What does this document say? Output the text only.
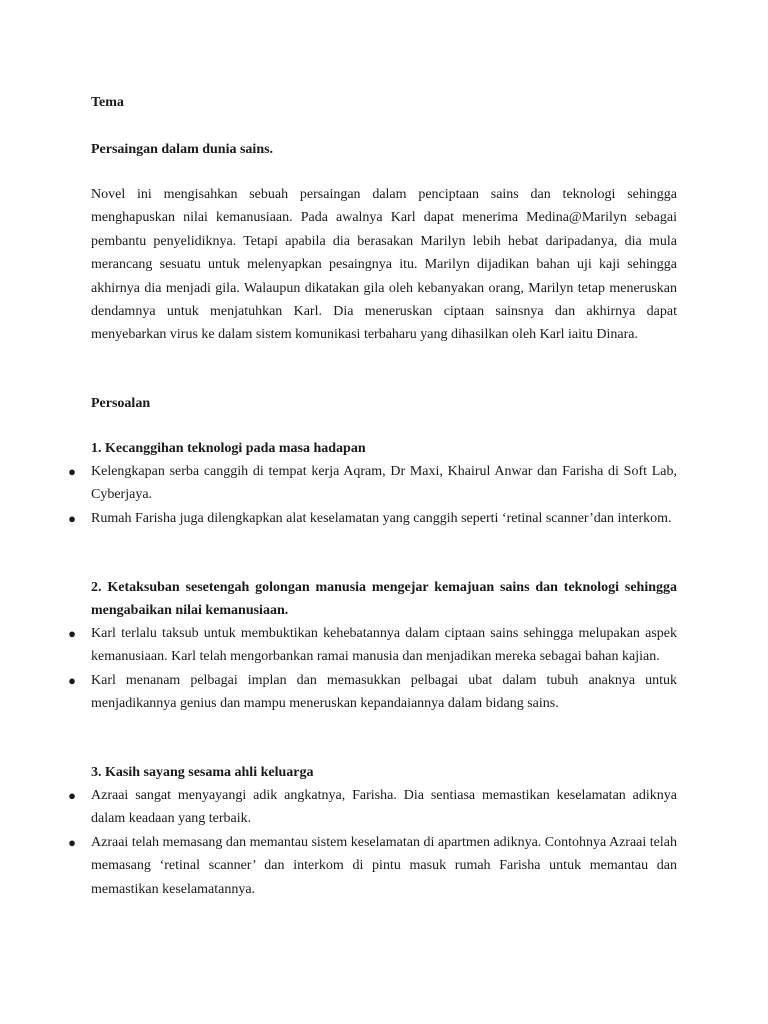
Tema

Persaingan dalam dunia sains.

Novel ini mengisahkan sebuah persaingan dalam penciptaan sains dan teknologi sehingga menghapuskan nilai kemanusiaan. Pada awalnya Karl dapat menerima Medina@Marilyn sebagai pembantu penyelidiknya. Tetapi apabila dia berasakan Marilyn lebih hebat daripadanya, dia mula merancang sesuatu untuk melenyapkan pesaingnya itu. Marilyn dijadikan bahan uji kaji sehingga akhirnya dia menjadi gila. Walaupun dikatakan gila oleh kebanyakan orang, Marilyn tetap meneruskan dendamnya untuk menjatuhkan Karl. Dia meneruskan ciptaan sainsnya dan akhirnya dapat menyebarkan virus ke dalam sistem komunikasi terbaharu yang dihasilkan oleh Karl iaitu Dinara.

Persoalan

1. Kecanggihan teknologi pada masa hadapan

● Kelengkapan serba canggih di tempat kerja Aqram, Dr Maxi, Khairul Anwar dan Farisha di Soft Lab, Cyberjaya.
● Rumah Farisha juga dilengkapkan alat keselamatan yang canggih seperti ‘retinal scanner’dan interkom.

2. Ketaksuban sesetengah golongan manusia mengejar kemajuan sains dan teknologi sehingga mengabaikan nilai kemanusiaan.

● Karl terlalu taksub untuk membuktikan kehebatannya dalam ciptaan sains sehingga melupakan aspek kemanusiaan. Karl telah mengorbankan ramai manusia dan menjadikan mereka sebagai bahan kajian.
● Karl menanam pelbagai implan dan memasukkan pelbagai ubat dalam tubuh anaknya untuk menjadikannya genius dan mampu meneruskan kepandaiannya dalam bidang sains.

3. Kasih sayang sesama ahli keluarga

● Azraai sangat menyayangi adik angkatnya, Farisha. Dia sentiasa memastikan keselamatan adiknya dalam keadaan yang terbaik.
● Azraai telah memasang dan memantau sistem keselamatan di apartmen adiknya. Contohnya Azraai telah memasang ‘retinal scanner’ dan interkom di pintu masuk rumah Farisha untuk memantau dan memastikan keselamatannya.
